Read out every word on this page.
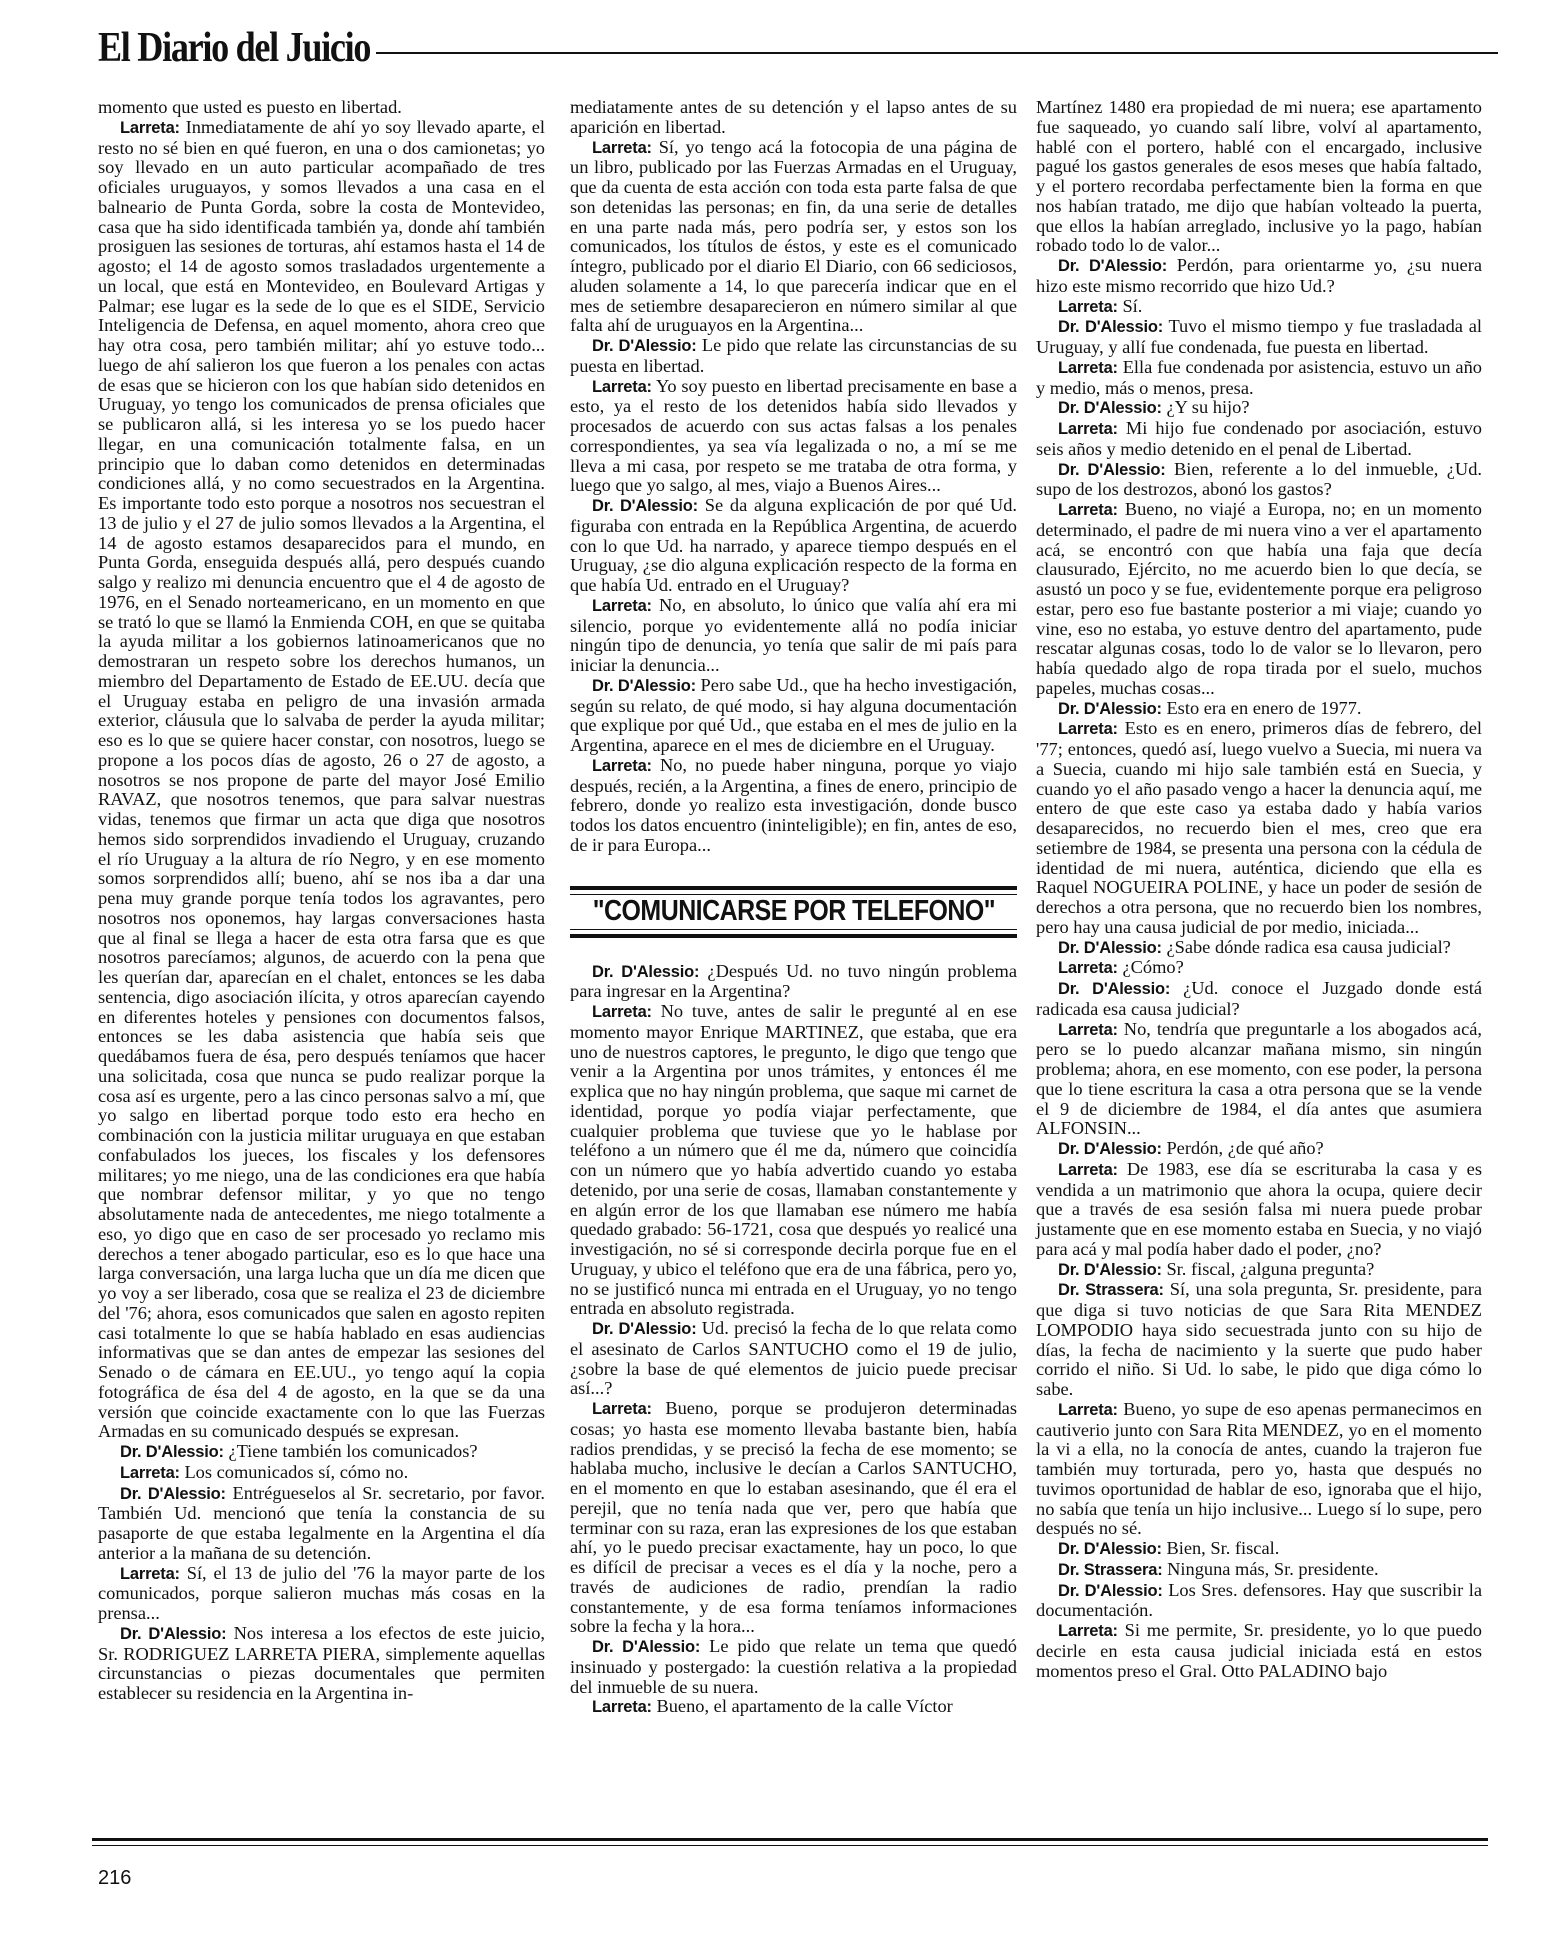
El Diario del Juicio

momento que usted es puesto en libertad.

Larreta: Inmediatamente de ahí yo soy llevado aparte, el resto no sé bien en qué fueron, en una o dos camionetas; yo soy llevado en un auto particular acompañado de tres oficiales uruguayos, y somos llevados a una casa en el balneario de Punta Gorda, sobre la costa de Montevideo, casa que ha sido identificada también ya, donde ahí también prosiguen las sesiones de torturas, ahí estamos hasta el 14 de agosto; el 14 de agosto somos trasladados urgentemente a un local, que está en Montevideo, en Boulevard Artigas y Palmar; ese lugar es la sede de lo que es el SIDE, Servicio Inteligencia de Defensa, en aquel momento, ahora creo que hay otra cosa, pero también militar; ahí yo estuve todo... luego de ahí salieron los que fueron a los penales con actas de esas que se hicieron con los que habían sido detenidos en Uruguay, yo tengo los comunicados de prensa oficiales que se publicaron allá, si les interesa yo se los puedo hacer llegar, en una comunicación totalmente falsa, en un principio que lo daban como detenidos en determinadas condiciones allá, y no como secuestrados en la Argentina. Es importante todo esto porque a nosotros nos secuestran el 13 de julio y el 27 de julio somos llevados a la Argentina, el 14 de agosto estamos desaparecidos para el mundo, en Punta Gorda, enseguida después allá, pero después cuando salgo y realizo mi denuncia encuentro que el 4 de agosto de 1976, en el Senado norteamericano, en un momento en que se trató lo que se llamó la Enmienda COH, en que se quitaba la ayuda militar a los gobiernos latinoamericanos que no demostraran un respeto sobre los derechos humanos, un miembro del Departamento de Estado de EE.UU. decía que el Uruguay estaba en peligro de una invasión armada exterior, cláusula que lo salvaba de perder la ayuda militar; eso es lo que se quiere hacer constar, con nosotros, luego se propone a los pocos días de agosto, 26 o 27 de agosto, a nosotros se nos propone de parte del mayor José Emilio RAVAZ, que nosotros tenemos, que para salvar nuestras vidas, tenemos que firmar un acta que diga que nosotros hemos sido sorprendidos invadiendo el Uruguay, cruzando el río Uruguay a la altura de río Negro, y en ese momento somos sorprendidos allí; bueno, ahí se nos iba a dar una pena muy grande porque tenía todos los agravantes, pero nosotros nos oponemos, hay largas conversaciones hasta que al final se llega a hacer de esta otra farsa que es que nosotros parecíamos; algunos, de acuerdo con la pena que les querían dar, aparecían en el chalet, entonces se les daba sentencia, digo asociación ilícita, y otros aparecían cayendo en diferentes hoteles y pensiones con documentos falsos, entonces se les daba asistencia que había seis que quedábamos fuera de ésa, pero después teníamos que hacer una solicitada, cosa que nunca se pudo realizar porque la cosa así es urgente, pero a las cinco personas salvo a mí, que yo salgo en libertad porque todo esto era hecho en combinación con la justicia militar uruguaya en que estaban confabulados los jueces, los fiscales y los defensores militares; yo me niego, una de las condiciones era que había que nombrar defensor militar, y yo que no tengo absolutamente nada de antecedentes, me niego totalmente a eso, yo digo que en caso de ser procesado yo reclamo mis derechos a tener abogado particular, eso es lo que hace una larga conversación, una larga lucha que un día me dicen que yo voy a ser liberado, cosa que se realiza el 23 de diciembre del '76; ahora, esos comunicados que salen en agosto repiten casi totalmente lo que se había hablado en esas audiencias informativas que se dan antes de empezar las sesiones del Senado o de cámara en EE.UU., yo tengo aquí la copia fotográfica de ésa del 4 de agosto, en la que se da una versión que coincide exactamente con lo que las Fuerzas Armadas en su comunicado después se expresan.

Dr. D'Alessio: ¿Tiene también los comunicados?

Larreta: Los comunicados sí, cómo no.

Dr. D'Alessio: Entrégueselos al Sr. secretario, por favor. También Ud. mencionó que tenía la constancia de su pasaporte de que estaba legalmente en la Argentina el día anterior a la mañana de su detención.

Larreta: Sí, el 13 de julio del '76 la mayor parte de los comunicados, porque salieron muchas más cosas en la prensa...

Dr. D'Alessio: Nos interesa a los efectos de este juicio, Sr. RODRIGUEZ LARRETA PIERA, simplemente aquellas circunstancias o piezas documentales que permiten establecer su residencia en la Argentina in-

mediatamente antes de su detención y el lapso antes de su aparición en libertad.

Larreta: Sí, yo tengo acá la fotocopia de una página de un libro, publicado por las Fuerzas Armadas en el Uruguay, que da cuenta de esta acción con toda esta parte falsa de que son detenidas las personas; en fin, da una serie de detalles en una parte nada más, pero podría ser, y estos son los comunicados, los títulos de éstos, y este es el comunicado íntegro, publicado por el diario El Diario, con 66 sediciosos, aluden solamente a 14, lo que parecería indicar que en el mes de setiembre desaparecieron en número similar al que falta ahí de uruguayos en la Argentina...

Dr. D'Alessio: Le pido que relate las circunstancias de su puesta en libertad.

Larreta: Yo soy puesto en libertad precisamente en base a esto, ya el resto de los detenidos había sido llevados y procesados de acuerdo con sus actas falsas a los penales correspondientes, ya sea vía legalizada o no, a mí se me lleva a mi casa, por respeto se me trataba de otra forma, y luego que yo salgo, al mes, viajo a Buenos Aires...

Dr. D'Alessio: Se da alguna explicación de por qué Ud. figuraba con entrada en la República Argentina, de acuerdo con lo que Ud. ha narrado, y aparece tiempo después en el Uruguay, ¿se dio alguna explicación respecto de la forma en que había Ud. entrado en el Uruguay?

Larreta: No, en absoluto, lo único que valía ahí era mi silencio, porque yo evidentemente allá no podía iniciar ningún tipo de denuncia, yo tenía que salir de mi país para iniciar la denuncia...

Dr. D'Alessio: Pero sabe Ud., que ha hecho investigación, según su relato, de qué modo, si hay alguna documentación que explique por qué Ud., que estaba en el mes de julio en la Argentina, aparece en el mes de diciembre en el Uruguay.

Larreta: No, no puede haber ninguna, porque yo viajo después, recién, a la Argentina, a fines de enero, principio de febrero, donde yo realizo esta investigación, donde busco todos los datos encuentro (ininteligible); en fin, antes de eso, de ir para Europa...

"COMUNICARSE POR TELEFONO"

Dr. D'Alessio: ¿Después Ud. no tuvo ningún problema para ingresar en la Argentina?

Larreta: No tuve, antes de salir le pregunté al en ese momento mayor Enrique MARTINEZ, que estaba, que era uno de nuestros captores, le pregunto, le digo que tengo que venir a la Argentina por unos trámites, y entonces él me explica que no hay ningún problema, que saque mi carnet de identidad, porque yo podía viajar perfectamente, que cualquier problema que tuviese que yo le hablase por teléfono a un número que él me da, número que coincidía con un número que yo había advertido cuando yo estaba detenido, por una serie de cosas, llamaban constantemente y en algún error de los que llamaban ese número me había quedado grabado: 56-1721, cosa que después yo realicé una investigación, no sé si corresponde decirla porque fue en el Uruguay, y ubico el teléfono que era de una fábrica, pero yo, no se justificó nunca mi entrada en el Uruguay, yo no tengo entrada en absoluto registrada.

Dr. D'Alessio: Ud. precisó la fecha de lo que relata como el asesinato de Carlos SANTUCHO como el 19 de julio, ¿sobre la base de qué elementos de juicio puede precisar así...?

Larreta: Bueno, porque se produjeron determinadas cosas; yo hasta ese momento llevaba bastante bien, había radios prendidas, y se precisó la fecha de ese momento; se hablaba mucho, inclusive le decían a Carlos SANTUCHO, en el momento en que lo estaban asesinando, que él era el perejil, que no tenía nada que ver, pero que había que terminar con su raza, eran las expresiones de los que estaban ahí, yo le puedo precisar exactamente, hay un poco, lo que es difícil de precisar a veces es el día y la noche, pero a través de audiciones de radio, prendían la radio constantemente, y de esa forma teníamos informaciones sobre la fecha y la hora...

Dr. D'Alessio: Le pido que relate un tema que quedó insinuado y postergado: la cuestión relativa a la propiedad del inmueble de su nuera.

Larreta: Bueno, el apartamento de la calle Víctor

Martínez 1480 era propiedad de mi nuera; ese apartamento fue saqueado, yo cuando salí libre, volví al apartamento, hablé con el portero, hablé con el encargado, inclusive pagué los gastos generales de esos meses que había faltado, y el portero recordaba perfectamente bien la forma en que nos habían tratado, me dijo que habían volteado la puerta, que ellos la habían arreglado, inclusive yo la pago, habían robado todo lo de valor...

Dr. D'Alessio: Perdón, para orientarme yo, ¿su nuera hizo este mismo recorrido que hizo Ud.?

Larreta: Sí.

Dr. D'Alessio: Tuvo el mismo tiempo y fue trasladada al Uruguay, y allí fue condenada, fue puesta en libertad.

Larreta: Ella fue condenada por asistencia, estuvo un año y medio, más o menos, presa.

Dr. D'Alessio: ¿Y su hijo?

Larreta: Mi hijo fue condenado por asociación, estuvo seis años y medio detenido en el penal de Libertad.

Dr. D'Alessio: Bien, referente a lo del inmueble, ¿Ud. supo de los destrozos, abonó los gastos?

Larreta: Bueno, no viajé a Europa, no; en un momento determinado, el padre de mi nuera vino a ver el apartamento acá, se encontró con que había una faja que decía clausurado, Ejército, no me acuerdo bien lo que decía, se asustó un poco y se fue, evidentemente porque era peligroso estar, pero eso fue bastante posterior a mi viaje; cuando yo vine, eso no estaba, yo estuve dentro del apartamento, pude rescatar algunas cosas, todo lo de valor se lo llevaron, pero había quedado algo de ropa tirada por el suelo, muchos papeles, muchas cosas...

Dr. D'Alessio: Esto era en enero de 1977.

Larreta: Esto es en enero, primeros días de febrero, del '77; entonces, quedó así, luego vuelvo a Suecia, mi nuera va a Suecia, cuando mi hijo sale también está en Suecia, y cuando yo el año pasado vengo a hacer la denuncia aquí, me entero de que este caso ya estaba dado y había varios desaparecidos, no recuerdo bien el mes, creo que era setiembre de 1984, se presenta una persona con la cédula de identidad de mi nuera, auténtica, diciendo que ella es Raquel NOGUEIRA POLINE, y hace un poder de sesión de derechos a otra persona, que no recuerdo bien los nombres, pero hay una causa judicial de por medio, iniciada...

Dr. D'Alessio: ¿Sabe dónde radica esa causa judicial?

Larreta: ¿Cómo?

Dr. D'Alessio: ¿Ud. conoce el Juzgado donde está radicada esa causa judicial?

Larreta: No, tendría que preguntarle a los abogados acá, pero se lo puedo alcanzar mañana mismo, sin ningún problema; ahora, en ese momento, con ese poder, la persona que lo tiene escritura la casa a otra persona que se la vende el 9 de diciembre de 1984, el día antes que asumiera ALFONSIN...

Dr. D'Alessio: Perdón, ¿de qué año?

Larreta: De 1983, ese día se escrituraba la casa y es vendida a un matrimonio que ahora la ocupa, quiere decir que a través de esa sesión falsa mi nuera puede probar justamente que en ese momento estaba en Suecia, y no viajó para acá y mal podía haber dado el poder, ¿no?

Dr. D'Alessio: Sr. fiscal, ¿alguna pregunta?

Dr. Strassera: Sí, una sola pregunta, Sr. presidente, para que diga si tuvo noticias de que Sara Rita MENDEZ LOMPODIO haya sido secuestrada junto con su hijo de días, la fecha de nacimiento y la suerte que pudo haber corrido el niño. Si Ud. lo sabe, le pido que diga cómo lo sabe.

Larreta: Bueno, yo supe de eso apenas permanecimos en cautiverio junto con Sara Rita MENDEZ, yo en el momento la vi a ella, no la conocía de antes, cuando la trajeron fue también muy torturada, pero yo, hasta que después no tuvimos oportunidad de hablar de eso, ignoraba que el hijo, no sabía que tenía un hijo inclusive... Luego sí lo supe, pero después no sé.

Dr. D'Alessio: Bien, Sr. fiscal.

Dr. Strassera: Ninguna más, Sr. presidente.

Dr. D'Alessio: Los Sres. defensores. Hay que suscribir la documentación.

Larreta: Si me permite, Sr. presidente, yo lo que puedo decirle en esta causa judicial iniciada está en estos momentos preso el Gral. Otto PALADINO bajo

216
